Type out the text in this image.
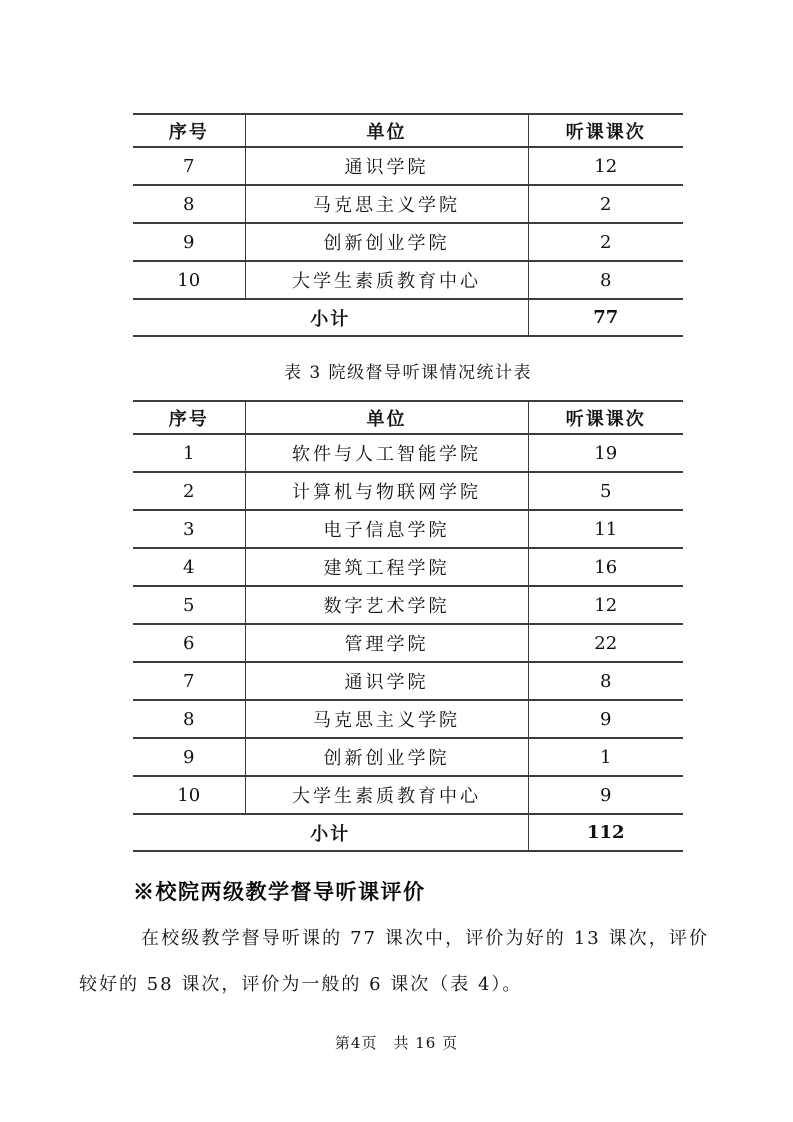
序号	单位	听课课次
7	通识学院	12
8	马克思主义学院	2
9	创新创业学院	2
10	大学生素质教育中心	8
小计		77
表 3 院级督导听课情况统计表
序号	单位	听课课次
1	软件与人工智能学院	19
2	计算机与物联网学院	5
3	电子信息学院	11
4	建筑工程学院	16
5	数字艺术学院	12
6	管理学院	22
7	通识学院	8
8	马克思主义学院	9
9	创新创业学院	1
10	大学生素质教育中心	9
小计		112
※校院两级教学督导听课评价

在校级教学督导听课的 77 课次中，评价为好的 13 课次，评价较好的 58 课次，评价为一般的 6 课次（表 4）。

第4页　共 16 页
